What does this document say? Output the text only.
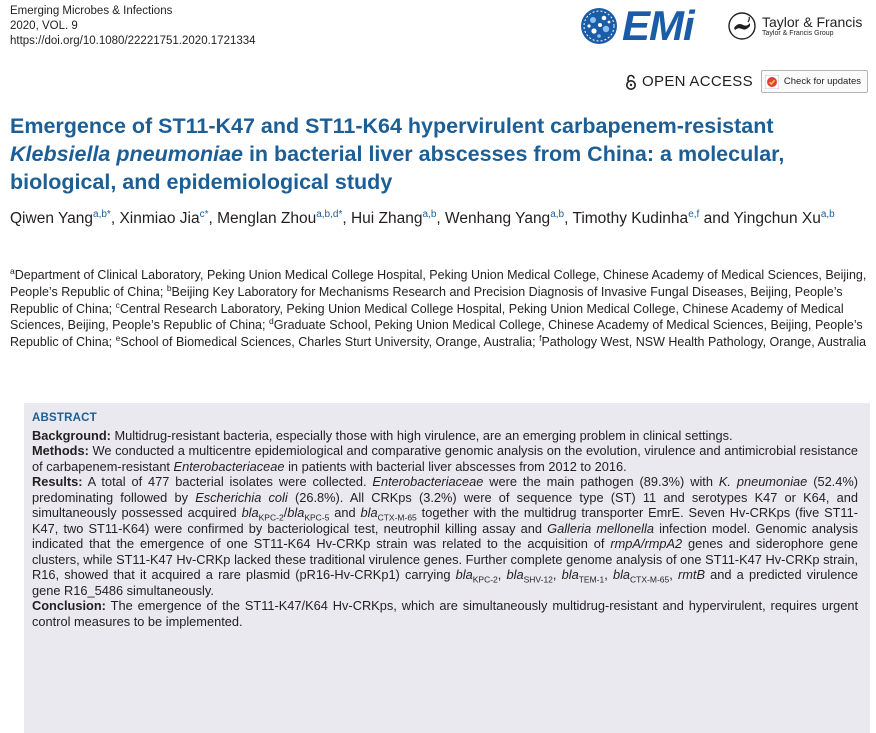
Emerging Microbes & Infections
2020, VOL. 9
https://doi.org/10.1080/22221751.2020.1721334	EMi	Taylor & Francis
Taylor & Francis Group
OPEN ACCESS	Check for updates
Emergence of ST11-K47 and ST11-K64 hypervirulent carbapenem-resistant
Klebsiella pneumoniae in bacterial liver abscesses from China: a molecular,
biological, and epidemiological study
Qiwen Yang$^{a,b*}$, Xinmiao Jia$^{c*}$, Menglan Zhou$^{a,b,d*}$, Hui Zhang$^{a,b}$, Wenhang Yang$^{a,b}$, Timothy Kudinha$^{e,f}$ and Yingchun Xu$^{a,b}$
$^a$Department of Clinical Laboratory, Peking Union Medical College Hospital, Peking Union Medical College, Chinese Academy of Medical Sciences, Beijing, People’s Republic of China; $^b$Beijing Key Laboratory for Mechanisms Research and Precision Diagnosis of Invasive Fungal Diseases, Beijing, People’s Republic of China; $^c$Central Research Laboratory, Peking Union Medical College Hospital, Peking Union Medical College, Chinese Academy of Medical Sciences, Beijing, People’s Republic of China; $^d$Graduate School, Peking Union Medical College, Chinese Academy of Medical Sciences, Beijing, People’s Republic of China; $^e$School of Biomedical Sciences, Charles Sturt University, Orange, Australia; $^f$Pathology West, NSW Health Pathology, Orange, Australia
ABSTRACT

Background: Multidrug-resistant bacteria, especially those with high virulence, are an emerging problem in clinical settings.

Methods: We conducted a multicentre epidemiological and comparative genomic analysis on the evolution, virulence and antimicrobial resistance of carbapenem-resistant Enterobacteriaceae in patients with bacterial liver abscesses from 2012 to 2016.

Results: A total of 477 bacterial isolates were collected. Enterobacteriaceae were the main pathogen (89.3%) with K. pneumoniae (52.4%) predominating followed by Escherichia coli (26.8%). All CRKps (3.2%) were of sequence type (ST) 11 and serotypes K47 or K64, and simultaneously possessed acquired bla$_{KPC-2}$/bla$_{KPC-5}$ and bla$_{CTX-M-65}$ together with the multidrug transporter EmrE. Seven Hv-CRKps (five ST11-K47, two ST11-K64) were confirmed by bacteriological test, neutrophil killing assay and Galleria mellonella infection model. Genomic analysis indicated that the emergence of one ST11-K64 Hv-CRKp strain was related to the acquisition of rmpA/rmpA2 genes and siderophore gene clusters, while ST11-K47 Hv-CRKp lacked these traditional virulence genes. Further complete genome analysis of one ST11-K47 Hv-CRKp strain, R16, showed that it acquired a rare plasmid (pR16-Hv-CRKp1) carrying bla$_{KPC-2}$, bla$_{SHV-12}$, bla$_{TEM-1}$, bla$_{CTX-M-65}$, rmtB and a predicted virulence gene R16_5486 simultaneously.

Conclusion: The emergence of the ST11-K47/K64 Hv-CRKps, which are simultaneously multidrug-resistant and hypervirulent, requires urgent control measures to be implemented.
